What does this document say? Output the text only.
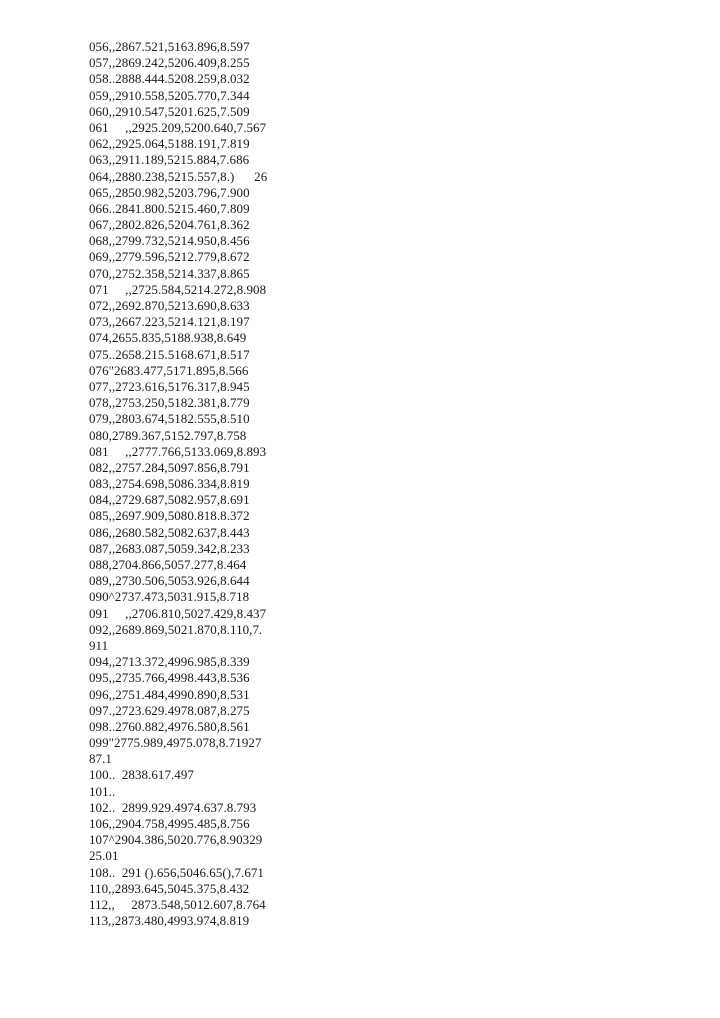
056,,2867.521,5163.896,8.597
057,,2869.242,5206.409,8.255
058..2888.444.5208.259,8.032
059,,2910.558,5205.770,7.344
060,,2910.547,5201.625,7.509
061     ,,2925.209,5200.640,7.567
062,,2925.064,5188.191,7.819
063,,2911.189,5215.884,7.686
064,,2880.238,5215.557,8.)      26
065,,2850.982,5203.796,7.900
066..2841.800.5215.460,7.809
067,,2802.826,5204.761,8.362
068,,2799.732,5214.950,8.456
069,,2779.596,5212.779,8.672
070,,2752.358,5214.337,8.865
071     ,,2725.584,5214.272,8.908
072,,2692.870,5213.690,8.633
073,,2667.223,5214.121,8.197
074,2655.835,5188.938,8.649
075..2658.215.5168.671,8.517
076"2683.477,5171.895,8.566
077,,2723.616,5176.317,8.945
078,,2753.250,5182.381,8.779
079,,2803.674,5182.555,8.510
080,2789.367,5152.797,8.758
081     ,,2777.766,5133.069,8.893
082,,2757.284,5097.856,8.791
083,,2754.698,5086.334,8.819
084,,2729.687,5082.957,8.691
085,,2697.909,5080.818.8.372
086,,2680.582,5082.637,8.443
087,,2683.087,5059.342,8.233
088,2704.866,5057.277,8.464
089,,2730.506,5053.926,8.644
090^2737.473,5031.915,8.718
091     ,,2706.810,5027.429,8.437
092,,2689.869,5021.870,8.110,7.
911
094,,2713.372,4996.985,8.339
095,,2735.766,4998.443,8.536
096,,2751.484,4990.890,8.531
097.,2723.629.4978.087,8.275
098..2760.882,4976.580,8.561
099"2775.989,4975.078,8.71927
87.1
100..  2838.617.497
101..
102..  2899.929.4974.637.8.793
106,,2904.758,4995.485,8.756
107^2904.386,5020.776,8.90329
25.01
108..  291 ().656,5046.65(),7.671
110,,2893.645,5045.375,8.432
112,,     2873.548,5012.607,8.764
113,,2873.480,4993.974,8.819
